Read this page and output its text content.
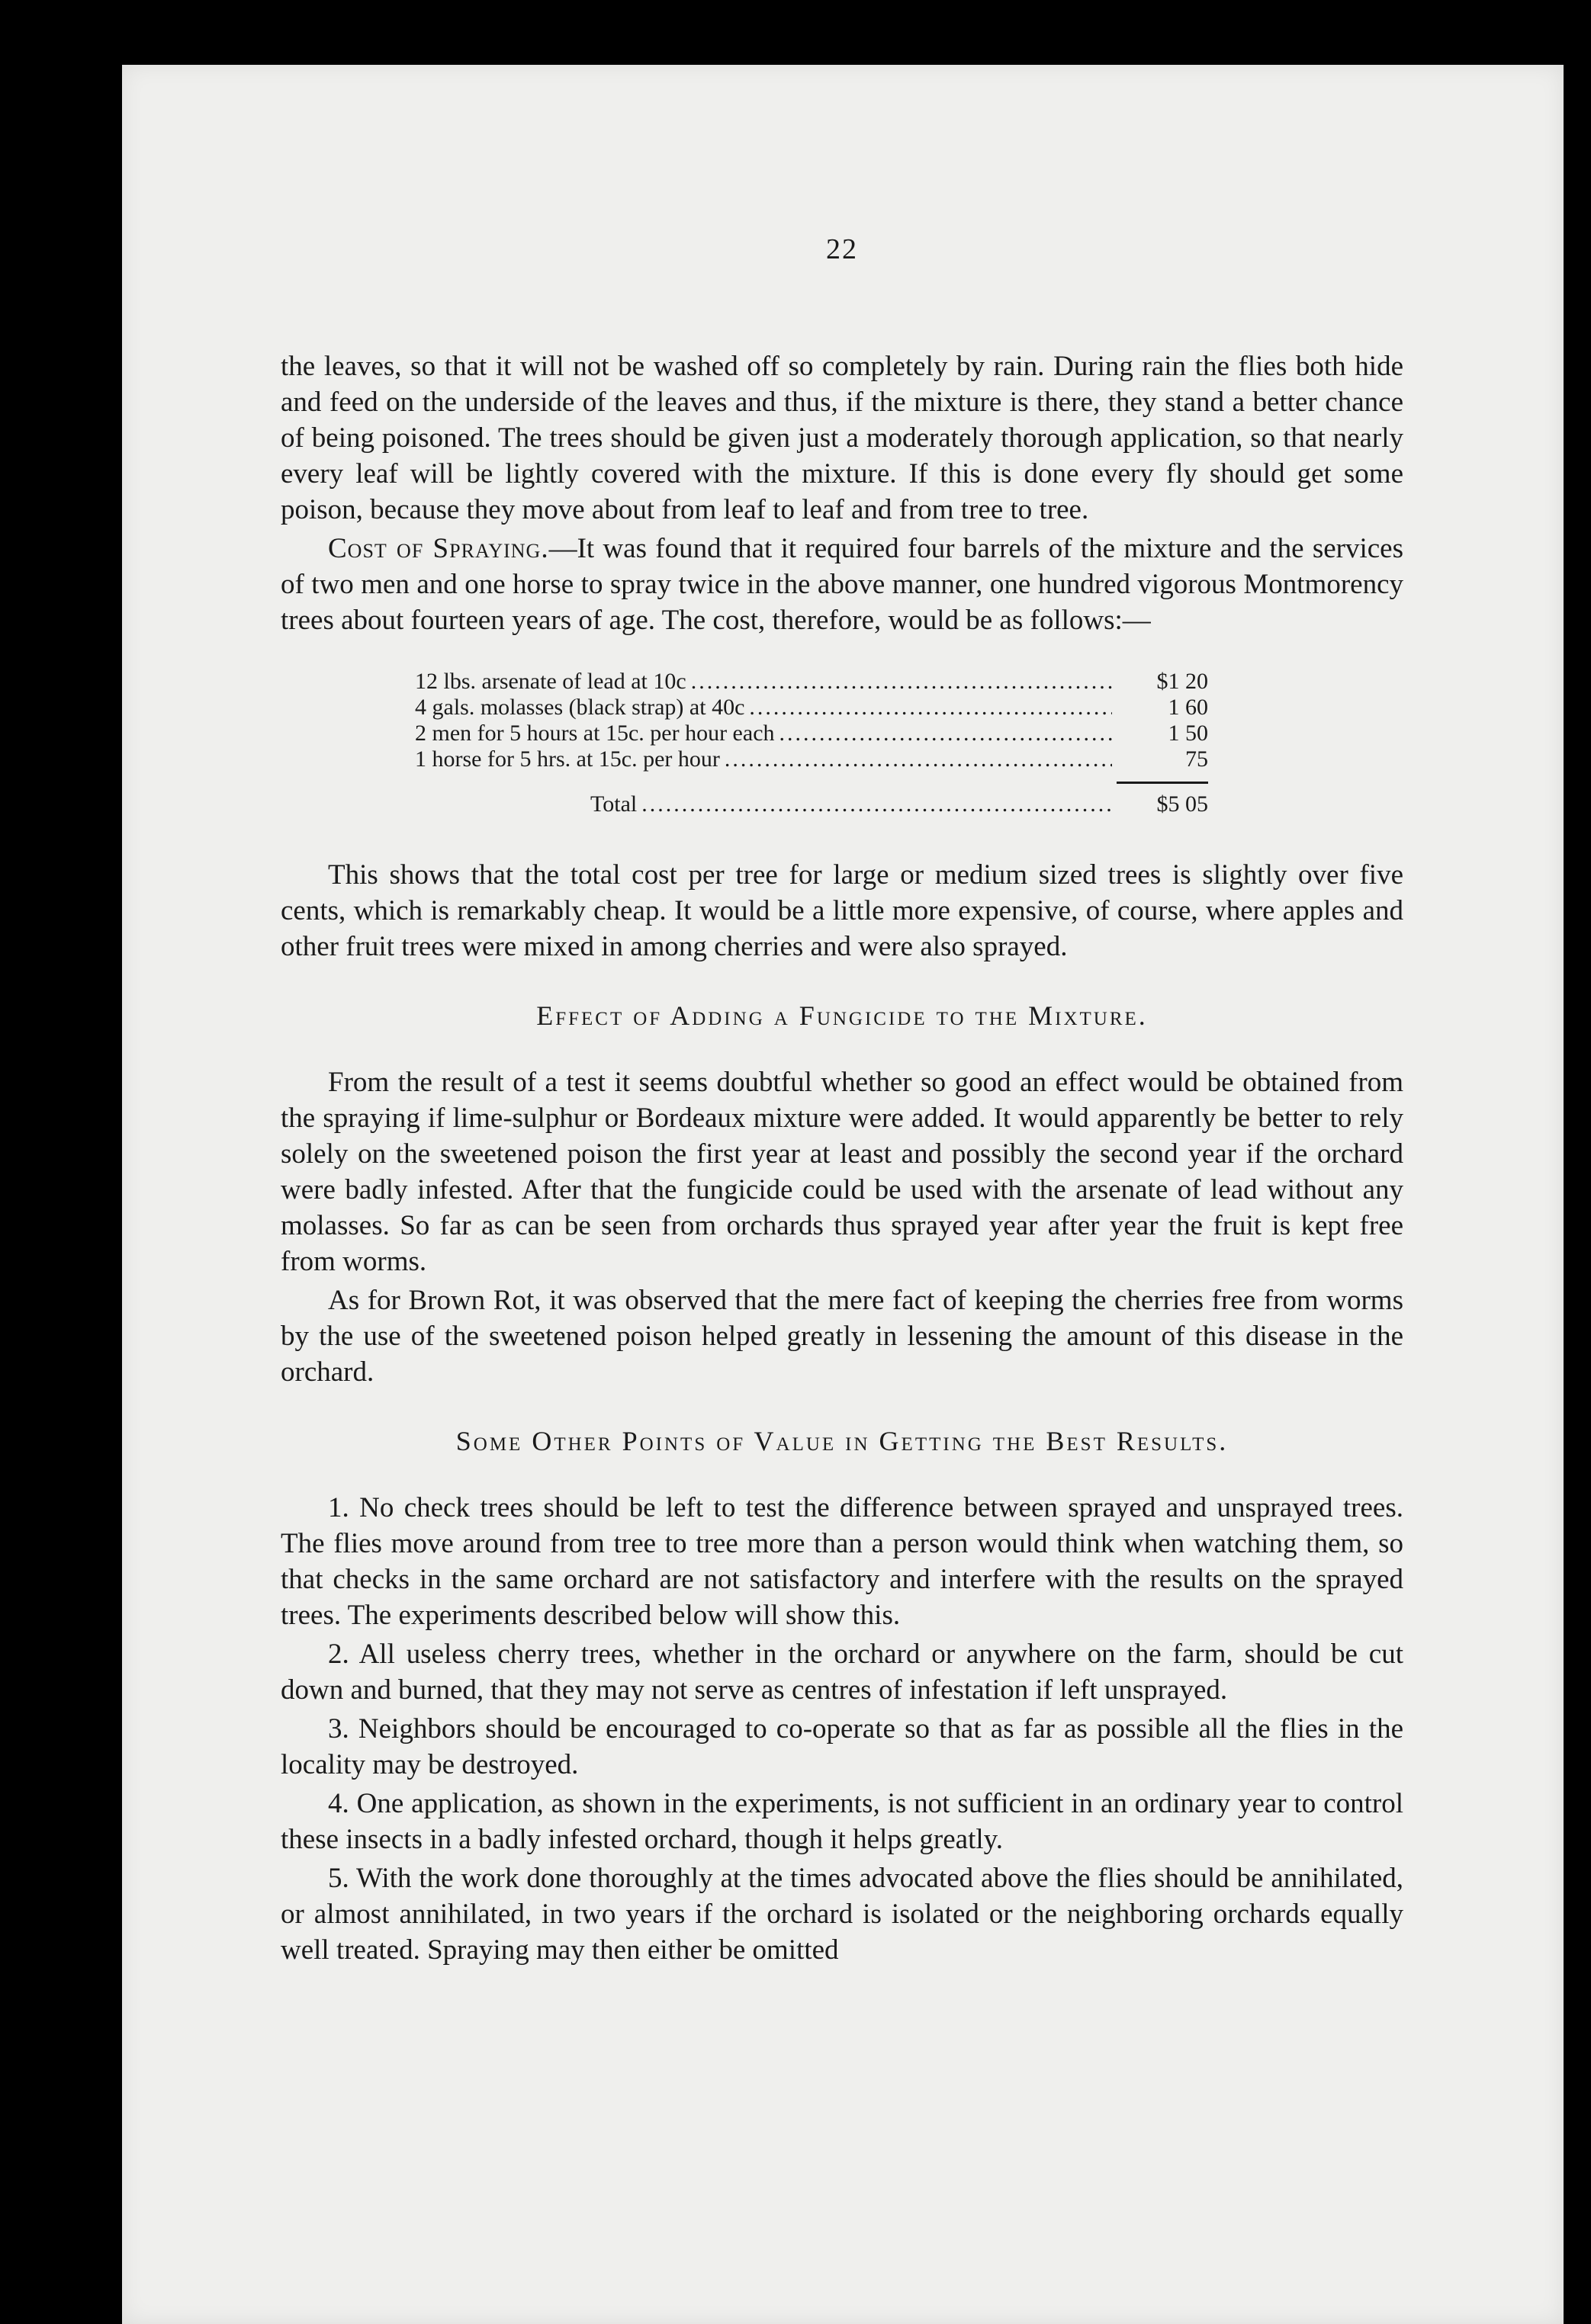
22

the leaves, so that it will not be washed off so completely by rain. During rain the flies both hide and feed on the underside of the leaves and thus, if the mixture is there, they stand a better chance of being poisoned. The trees should be given just a moderately thorough application, so that nearly every leaf will be lightly covered with the mixture. If this is done every fly should get some poison, because they move about from leaf to leaf and from tree to tree.

Cost of Spraying.—It was found that it required four barrels of the mixture and the services of two men and one horse to spray twice in the above manner, one hundred vigorous Montmorency trees about fourteen years of age. The cost, therefore, would be as follows:—

12 lbs. arsenate of lead at 10c .....	$1 20
4 gals. molasses (black strap) at 40c .....	1 60
2 men for 5 hours at 15c. per hour each .....	1 50
1 horse for 5 hrs. at 15c. per hour .....	75
Total .....	$5 05

This shows that the total cost per tree for large or medium sized trees is slightly over five cents, which is remarkably cheap. It would be a little more expensive, of course, where apples and other fruit trees were mixed in among cherries and were also sprayed.

Effect of Adding a Fungicide to the Mixture.

From the result of a test it seems doubtful whether so good an effect would be obtained from the spraying if lime-sulphur or Bordeaux mixture were added. It would apparently be better to rely solely on the sweetened poison the first year at least and possibly the second year if the orchard were badly infested. After that the fungicide could be used with the arsenate of lead without any molasses. So far as can be seen from orchards thus sprayed year after year the fruit is kept free from worms.

As for Brown Rot, it was observed that the mere fact of keeping the cherries free from worms by the use of the sweetened poison helped greatly in lessening the amount of this disease in the orchard.

Some Other Points of Value in Getting the Best Results.

1. No check trees should be left to test the difference between sprayed and unsprayed trees. The flies move around from tree to tree more than a person would think when watching them, so that checks in the same orchard are not satisfactory and interfere with the results on the sprayed trees. The experiments described below will show this.

2. All useless cherry trees, whether in the orchard or anywhere on the farm, should be cut down and burned, that they may not serve as centres of infestation if left unsprayed.

3. Neighbors should be encouraged to co-operate so that as far as possible all the flies in the locality may be destroyed.

4. One application, as shown in the experiments, is not sufficient in an ordinary year to control these insects in a badly infested orchard, though it helps greatly.

5. With the work done thoroughly at the times advocated above the flies should be annihilated, or almost annihilated, in two years if the orchard is isolated or the neighboring orchards equally well treated. Spraying may then either be omitted
